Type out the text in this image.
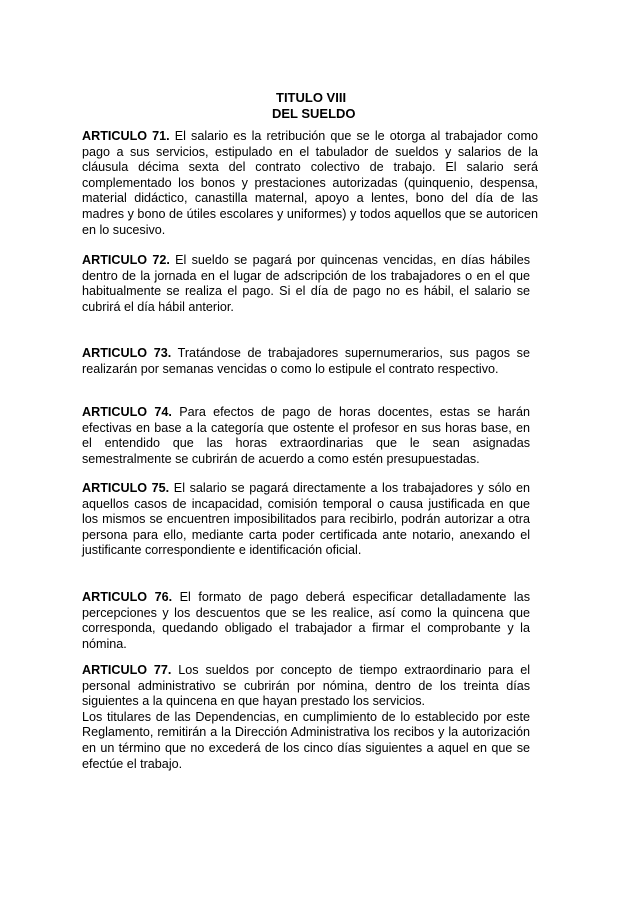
TITULO VIII
DEL SUELDO

ARTICULO 71. El salario es la retribución que se le otorga al trabajador como pago a sus servicios, estipulado en el tabulador de sueldos y salarios de la cláusula décima sexta del contrato colectivo de trabajo. El salario será complementado los bonos y prestaciones autorizadas (quinquenio, despensa, material didáctico, canastilla maternal, apoyo a lentes, bono del día de las madres y bono de útiles escolares y uniformes) y todos aquellos que se autoricen en lo sucesivo.

ARTICULO 72. El sueldo se pagará por quincenas vencidas, en días hábiles dentro de la jornada en el lugar de adscripción de los trabajadores o en el que habitualmente se realiza el pago. Si el día de pago no es hábil, el salario se cubrirá el día hábil anterior.

ARTICULO 73. Tratándose de trabajadores supernumerarios, sus pagos se realizarán por semanas vencidas o como lo estipule el contrato respectivo.

ARTICULO 74. Para efectos de pago de horas docentes, estas se harán efectivas en base a la categoría que ostente el profesor en sus horas base, en el entendido que las horas extraordinarias que le sean asignadas semestralmente se cubrirán de acuerdo a como estén presupuestadas.

ARTICULO 75. El salario se pagará directamente a los trabajadores y sólo en aquellos casos de incapacidad, comisión temporal o causa justificada en que los mismos se encuentren imposibilitados para recibirlo, podrán autorizar a otra persona para ello, mediante carta poder certificada ante notario, anexando el justificante correspondiente e identificación oficial.

ARTICULO 76. El formato de pago deberá especificar detalladamente las percepciones y los descuentos que se les realice, así como la quincena que corresponda, quedando obligado el trabajador a firmar el comprobante y la nómina.

ARTICULO 77. Los sueldos por concepto de tiempo extraordinario para el personal administrativo se cubrirán por nómina, dentro de los treinta días siguientes a la quincena en que hayan prestado los servicios.

Los titulares de las Dependencias, en cumplimiento de lo establecido por este Reglamento, remitirán a la Dirección Administrativa los recibos y la autorización en un término que no excederá de los cinco días siguientes a aquel en que se efectúe el trabajo.
